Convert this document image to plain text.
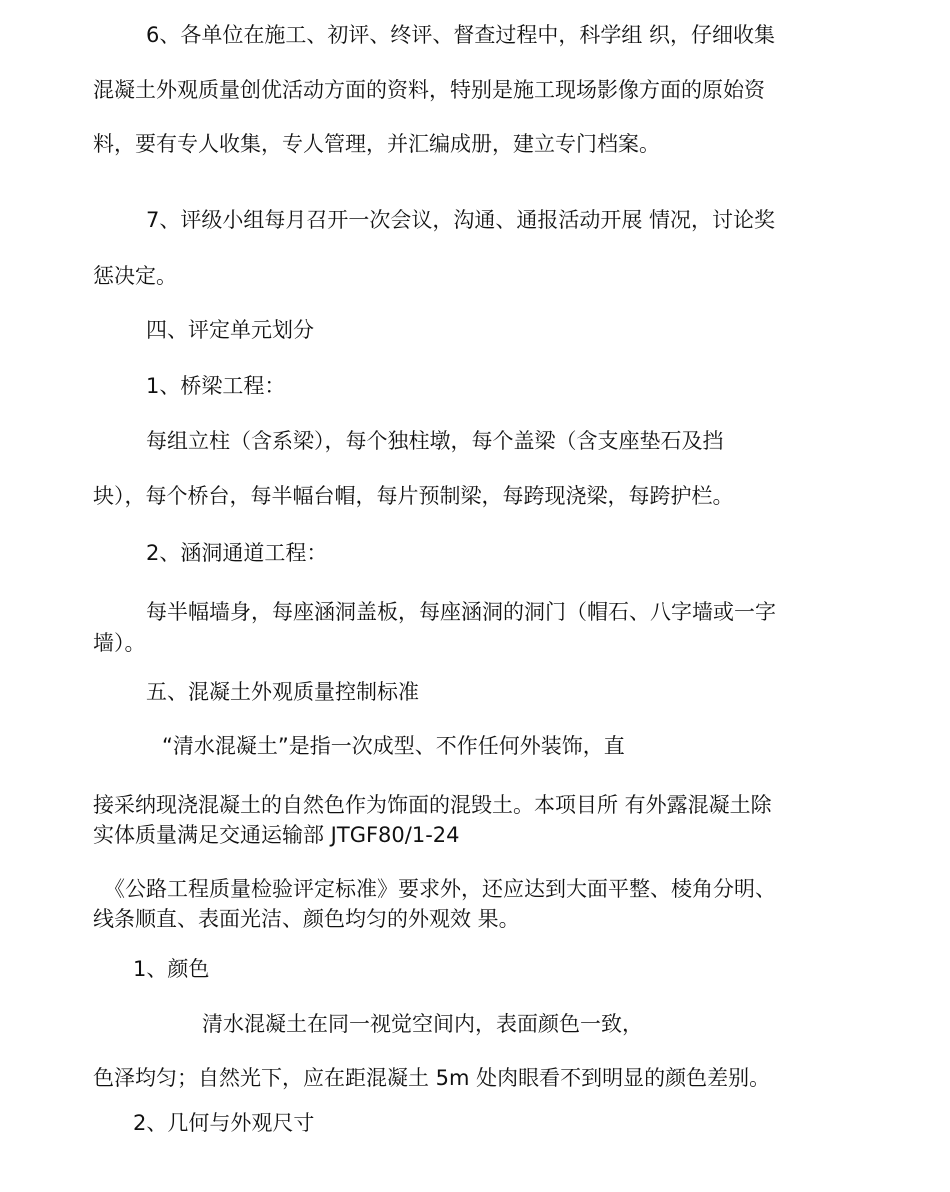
6、各单位在施工、初评、终评、督查过程中，科学组 织，仔细收集
混凝土外观质量创优活动方面的资料，特别是施工现场影像方面的原始资
料，要有专人收集，专人管理，并汇编成册，建立专门档案。
7、评级小组每月召开一次会议，沟通、通报活动开展 情况，讨论奖
惩决定。
四、评定单元划分
1、桥梁工程：
每组立柱（含系梁），每个独柱墩，每个盖梁（含支座垫石及挡
块），每个桥台，每半幅台帽，每片预制梁，每跨现浇梁，每跨护栏。
2、涵洞通道工程：
每半幅墙身，每座涵洞盖板，每座涵洞的洞门（帽石、八字墙或一字
墙）。
五、混凝土外观质量控制标准
“清水混凝土”是指一次成型、不作任何外装饰，直
接采纳现浇混凝土的自然色作为饰面的混毁土。本项目所 有外露混凝土除
实体质量满足交通运输部 JTGF80/1-24
《公路工程质量检验评定标准》要求外，还应达到大面平整、棱角分明、
线条顺直、表面光洁、颜色均匀的外观效 果。
1、颜色
清水混凝土在同一视觉空间内，表面颜色一致，
色泽均匀；自然光下，应在距混凝土 5m 处肉眼看不到明显的颜色差别。
2、几何与外观尺寸
